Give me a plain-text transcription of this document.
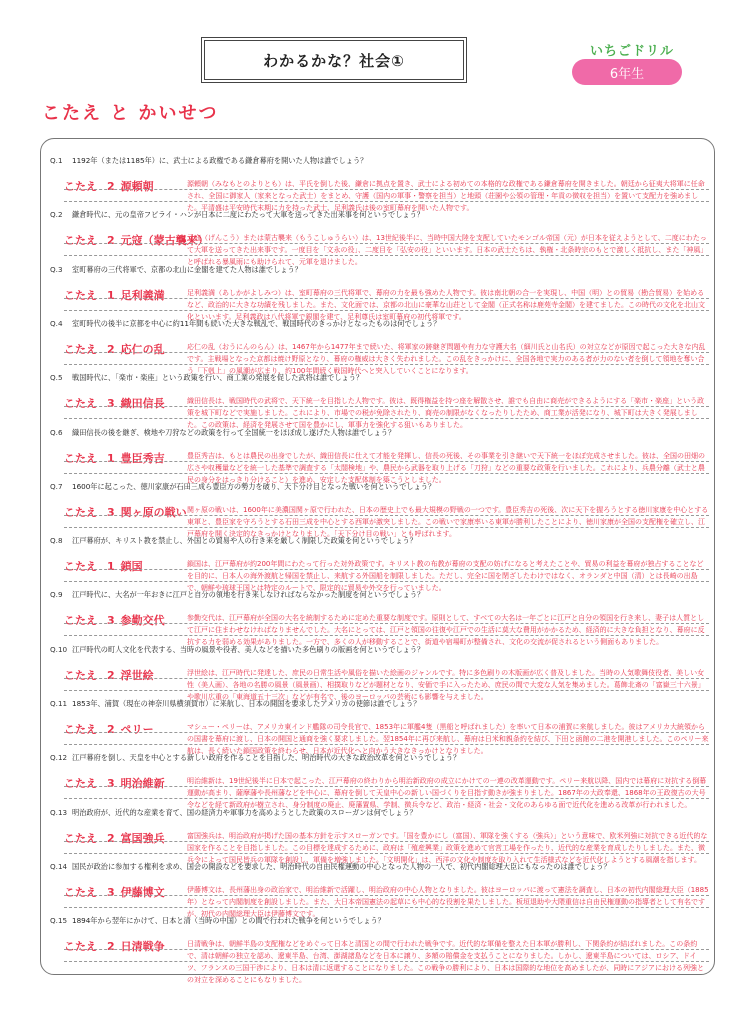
わかるかな？社会①	いちごドリル
6年生
こたえ と かいせつ
Q.1 1192年（または1185年）に、武士による政権である鎌倉幕府を開いた人物は誰でしょう？
こたえ 2 源頼朝	源頼朝（みなもとのよりとも）は、平氏を倒した後、鎌倉に拠点を置き、武士による初めての本格的な政権である鎌倉幕府を開きました。朝廷から征夷大将軍に任命され、全国に御家人（家来となった武士）をまとめ、守護（国内の軍事・警察を担当）と地頭（荘園や公領の管理・年貢の徴収を担当）を置いて支配力を強めました。平清盛は平安時代末期に力を持った武士、足利義氏は後の室町幕府を開いた人物です。
Q.2 鎌倉時代に、元の皇帝フビライ・ハンが日本に二度にわたって大軍を送ってきた出来事を何というでしょう？
こたえ 2 元寇（蒙古襲来）
元寇（げんこう）または蒙古襲来（もうこしゅうらい）は、13世紀後半に、当時中国大陸を支配していたモンゴル帝国（元）が日本を従えようとして、二度にわたって大軍を送ってきた出来事です。一度目を「文永の役」、二度目を「弘安の役」といいます。日本の武士たちは、執権・北条時宗のもとで激しく抵抗し、また「神風」と呼ばれる暴風雨にも助けられて、元軍を退けました。
Q.3 室町幕府の三代将軍で、京都の北山に金閣を建てた人物は誰でしょう？
こたえ 1 足利義満	足利義満（あしかがよしみつ）は、室町幕府の三代将軍で、幕府の力を最も強めた人物です。彼は南北朝の合一を実現し、中国（明）との貿易（勘合貿易）を始めるなど、政治的に大きな功績を残しました。また、文化面では、京都の北山に豪華な山荘として金閣（正式名称は鹿苑寺金閣）を建てました。この時代の文化を北山文化といいます。足利義政は八代将軍で銀閣を建て、足利尊氏は室町幕府の初代将軍です。
Q.4 室町時代の後半に京都を中心に約11年間も続いた大きな戦乱で、戦国時代のきっかけとなったものは何でしょう？
こたえ 2 応仁の乱	応仁の乱（おうにんのらん）は、1467年から1477年まで続いた、将軍家の跡継ぎ問題や有力な守護大名（細川氏と山名氏）の対立などが原因で起こった大きな内乱です。主戦場となった京都は焼け野原となり、幕府の権威は大きく失われました。この乱をきっかけに、全国各地で実力のある者が力のない者を倒して領地を奪い合う「下剋上」の風潮が広まり、約100年間続く戦国時代へと突入していくことになります。
Q.5 戦国時代に、「楽市・楽座」という政策を行い、商工業の発展を促した武将は誰でしょう？
こたえ 3 織田信長	織田信長は、戦国時代の武将で、天下統一を目指した人物です。彼は、既得権益を持つ座を解散させ、誰でも自由に商売ができるようにする「楽市・楽座」という政策を城下町などで実施しました。これにより、市場での税が免除されたり、商売の制限がなくなったりしたため、商工業が活発になり、城下町は大きく発展しました。この政策は、経済を発展させて国を豊かにし、軍事力を強化する狙いもありました。
Q.6 織田信長の後を継ぎ、検地や刀狩などの政策を行って全国統一をほぼ成し遂げた人物は誰でしょう？
こたえ 1 豊臣秀吉	豊臣秀吉は、もとは農民の出身でしたが、織田信長に仕えて才能を発揮し、信長の死後、その事業を引き継いで天下統一をほぼ完成させました。彼は、全国の田畑の広さや収穫量などを統一した基準で調査する「太閤検地」や、農民から武器を取り上げる「刀狩」などの重要な政策を行いました。これにより、兵農分離（武士と農民の身分をはっきり分けること）を進め、安定した支配体制を築こうとしました。
Q.7 1600年に起こった、徳川家康が石田三成ら豊臣方の勢力を破り、天下分け目となった戦いを何というでしょう？
こたえ 3 関ヶ原の戦い 関ヶ原の戦いは、1600年に美濃国関ヶ原で行われた、日本の歴史上でも最大規模の野戦の一つです。豊臣秀吉の死後、次に天下を握ろうとする徳川家康を中心とする東軍と、豊臣家を守ろうとする石田三成を中心とする西軍が激突しました。この戦いで家康率いる東軍が勝利したことにより、徳川家康が全国の支配権を確立し、江戸幕府を開く決定的なきっかけとなりました。「天下分け目の戦い」とも呼ばれます。
Q.8 江戸幕府が、キリスト教を禁止し、外国との貿易や人の行き来を厳しく制限した政策を何というでしょう？
こたえ 1 鎖国	鎖国は、江戸幕府が約200年間にわたって行った対外政策です。キリスト教の布教が幕府の支配の妨げになると考えたことや、貿易の利益を幕府が独占することなどを目的に、日本人の海外渡航と帰国を禁止し、来航する外国船を制限しました。ただし、完全に国を閉ざしたわけではなく、オランダと中国（清）とは長崎の出島で、朝鮮や琉球王国とは特定のルートで、限定的に貿易や外交を行っていました。
Q.9 江戸時代に、大名が一年おきに江戸と自分の領地を行き来しなければならなかった制度を何というでしょう？
こたえ 3 参勤交代	参勤交代は、江戸幕府が全国の大名を統制するために定めた重要な制度です。原則として、すべての大名は一年ごとに江戸と自分の領国を行き来し、妻子は人質として江戸に住まわせなければなりませんでした。大名にとっては、江戸と領国の往復や江戸での生活に莫大な費用がかかるため、経済的に大きな負担となり、幕府に反抗する力を弱める効果がありました。一方で、多くの人が移動することで、街道や宿場町が整備され、文化の交流が促されるという側面もありました。
Q.10 江戸時代の町人文化を代表する、当時の風景や役者、美人などを描いた多色刷りの版画を何というでしょう？
こたえ 2 浮世絵	浮世絵は、江戸時代に発達した、庶民の日常生活や風俗を描いた絵画のジャンルです。特に多色刷りの木版画が広く普及しました。当時の人気歌舞伎役者、美しい女性（美人画）、各地の名勝の風景（風景画）、相撲取りなどが題材となり、安価で手に入ったため、庶民の間で大変な人気を集めました。葛飾北斎の「富嶽三十六景」や歌川広重の「東海道五十三次」などが有名で、後のヨーロッパの芸術にも影響を与えました。
Q.11 1853年、浦賀（現在の神奈川県横須賀市）に来航し、日本の開国を要求したアメリカの使節は誰でしょう？
こたえ 2 ペリー	マシュー・ペリーは、アメリカ東インド艦隊の司令長官で、1853年に軍艦4隻（黒船と呼ばれました）を率いて日本の浦賀に来航しました。彼はアメリカ大統領からの国書を幕府に渡し、日本の開国と通商を強く要求しました。翌1854年に再び来航し、幕府は日米和親条約を結び、下田と函館の二港を開港しました。このペリー来航は、長く続いた鎖国政策を終わらせ、日本が近代化へと向かう大きなきっかけとなりました。
Q.12 江戸幕府を倒し、天皇を中心とする新しい政府を作ることを目指した、明治時代の大きな政治改革を何というでしょう？
こたえ 3 明治維新	明治維新は、19世紀後半に日本で起こった、江戸幕府の終わりから明治新政府の成立にかけての一連の改革運動です。ペリー来航以降、国内では幕府に対抗する倒幕運動が高まり、薩摩藩や長州藩などを中心に、幕府を倒して天皇中心の新しい国づくりを目指す動きが強まりました。1867年の大政奉還、1868年の王政復古の大号令などを経て新政府が樹立され、身分制度の廃止、廃藩置県、学制、徴兵令など、政治・経済・社会・文化のあらゆる面で近代化を進める改革が行われました。
Q.13 明治政府が、近代的な産業を育て、国の経済力や軍事力を高めようとした政策のスローガンは何でしょう？
こたえ 2 富国強兵	富国強兵は、明治政府が掲げた国の基本方針を示すスローガンです。「国を豊かにし（富国）、軍隊を強くする（強兵）」という意味で、欧米列強に対抗できる近代的な国家を作ることを目指しました。この目標を達成するために、政府は「殖産興業」政策を進めて官営工場を作ったり、近代的な産業を育成したりしました。また、徴兵令によって国民皆兵の軍隊を創設し、軍備を増強しました。「文明開化」は、西洋の文化や制度を取り入れて生活様式などを近代化しようとする風潮を指します。
Q.14 国民が政治に参加する権利を求め、国会の開設などを要求した、明治時代の自由民権運動の中心となった人物の一人で、初代内閣総理大臣にもなったのは誰でしょう？
こたえ 3 伊藤博文	伊藤博文は、長州藩出身の政治家で、明治維新で活躍し、明治政府の中心人物となりました。彼はヨーロッパに渡って憲法を調査し、日本の初代内閣総理大臣（1885年）となって内閣制度を創設しました。また、大日本帝国憲法の起草にも中心的な役割を果たしました。板垣退助や大隈重信は自由民権運動の指導者として有名ですが、初代の内閣総理大臣は伊藤博文です。
Q.15 1894年から翌年にかけて、日本と清（当時の中国）との間で行われた戦争を何というでしょう？
こたえ 2 日清戦争	日清戦争は、朝鮮半島の支配権などをめぐって日本と清国との間で行われた戦争です。近代的な軍備を整えた日本軍が勝利し、下関条約が結ばれました。この条約で、清は朝鮮の独立を認め、遼東半島、台湾、澎湖諸島などを日本に譲り、多額の賠償金を支払うことになりました。しかし、遼東半島については、ロシア、ドイツ、フランスの三国干渉により、日本は清に返還することになりました。この戦争の勝利により、日本は国際的な地位を高めましたが、同時にアジアにおける列強との対立を深めることにもなりました。
